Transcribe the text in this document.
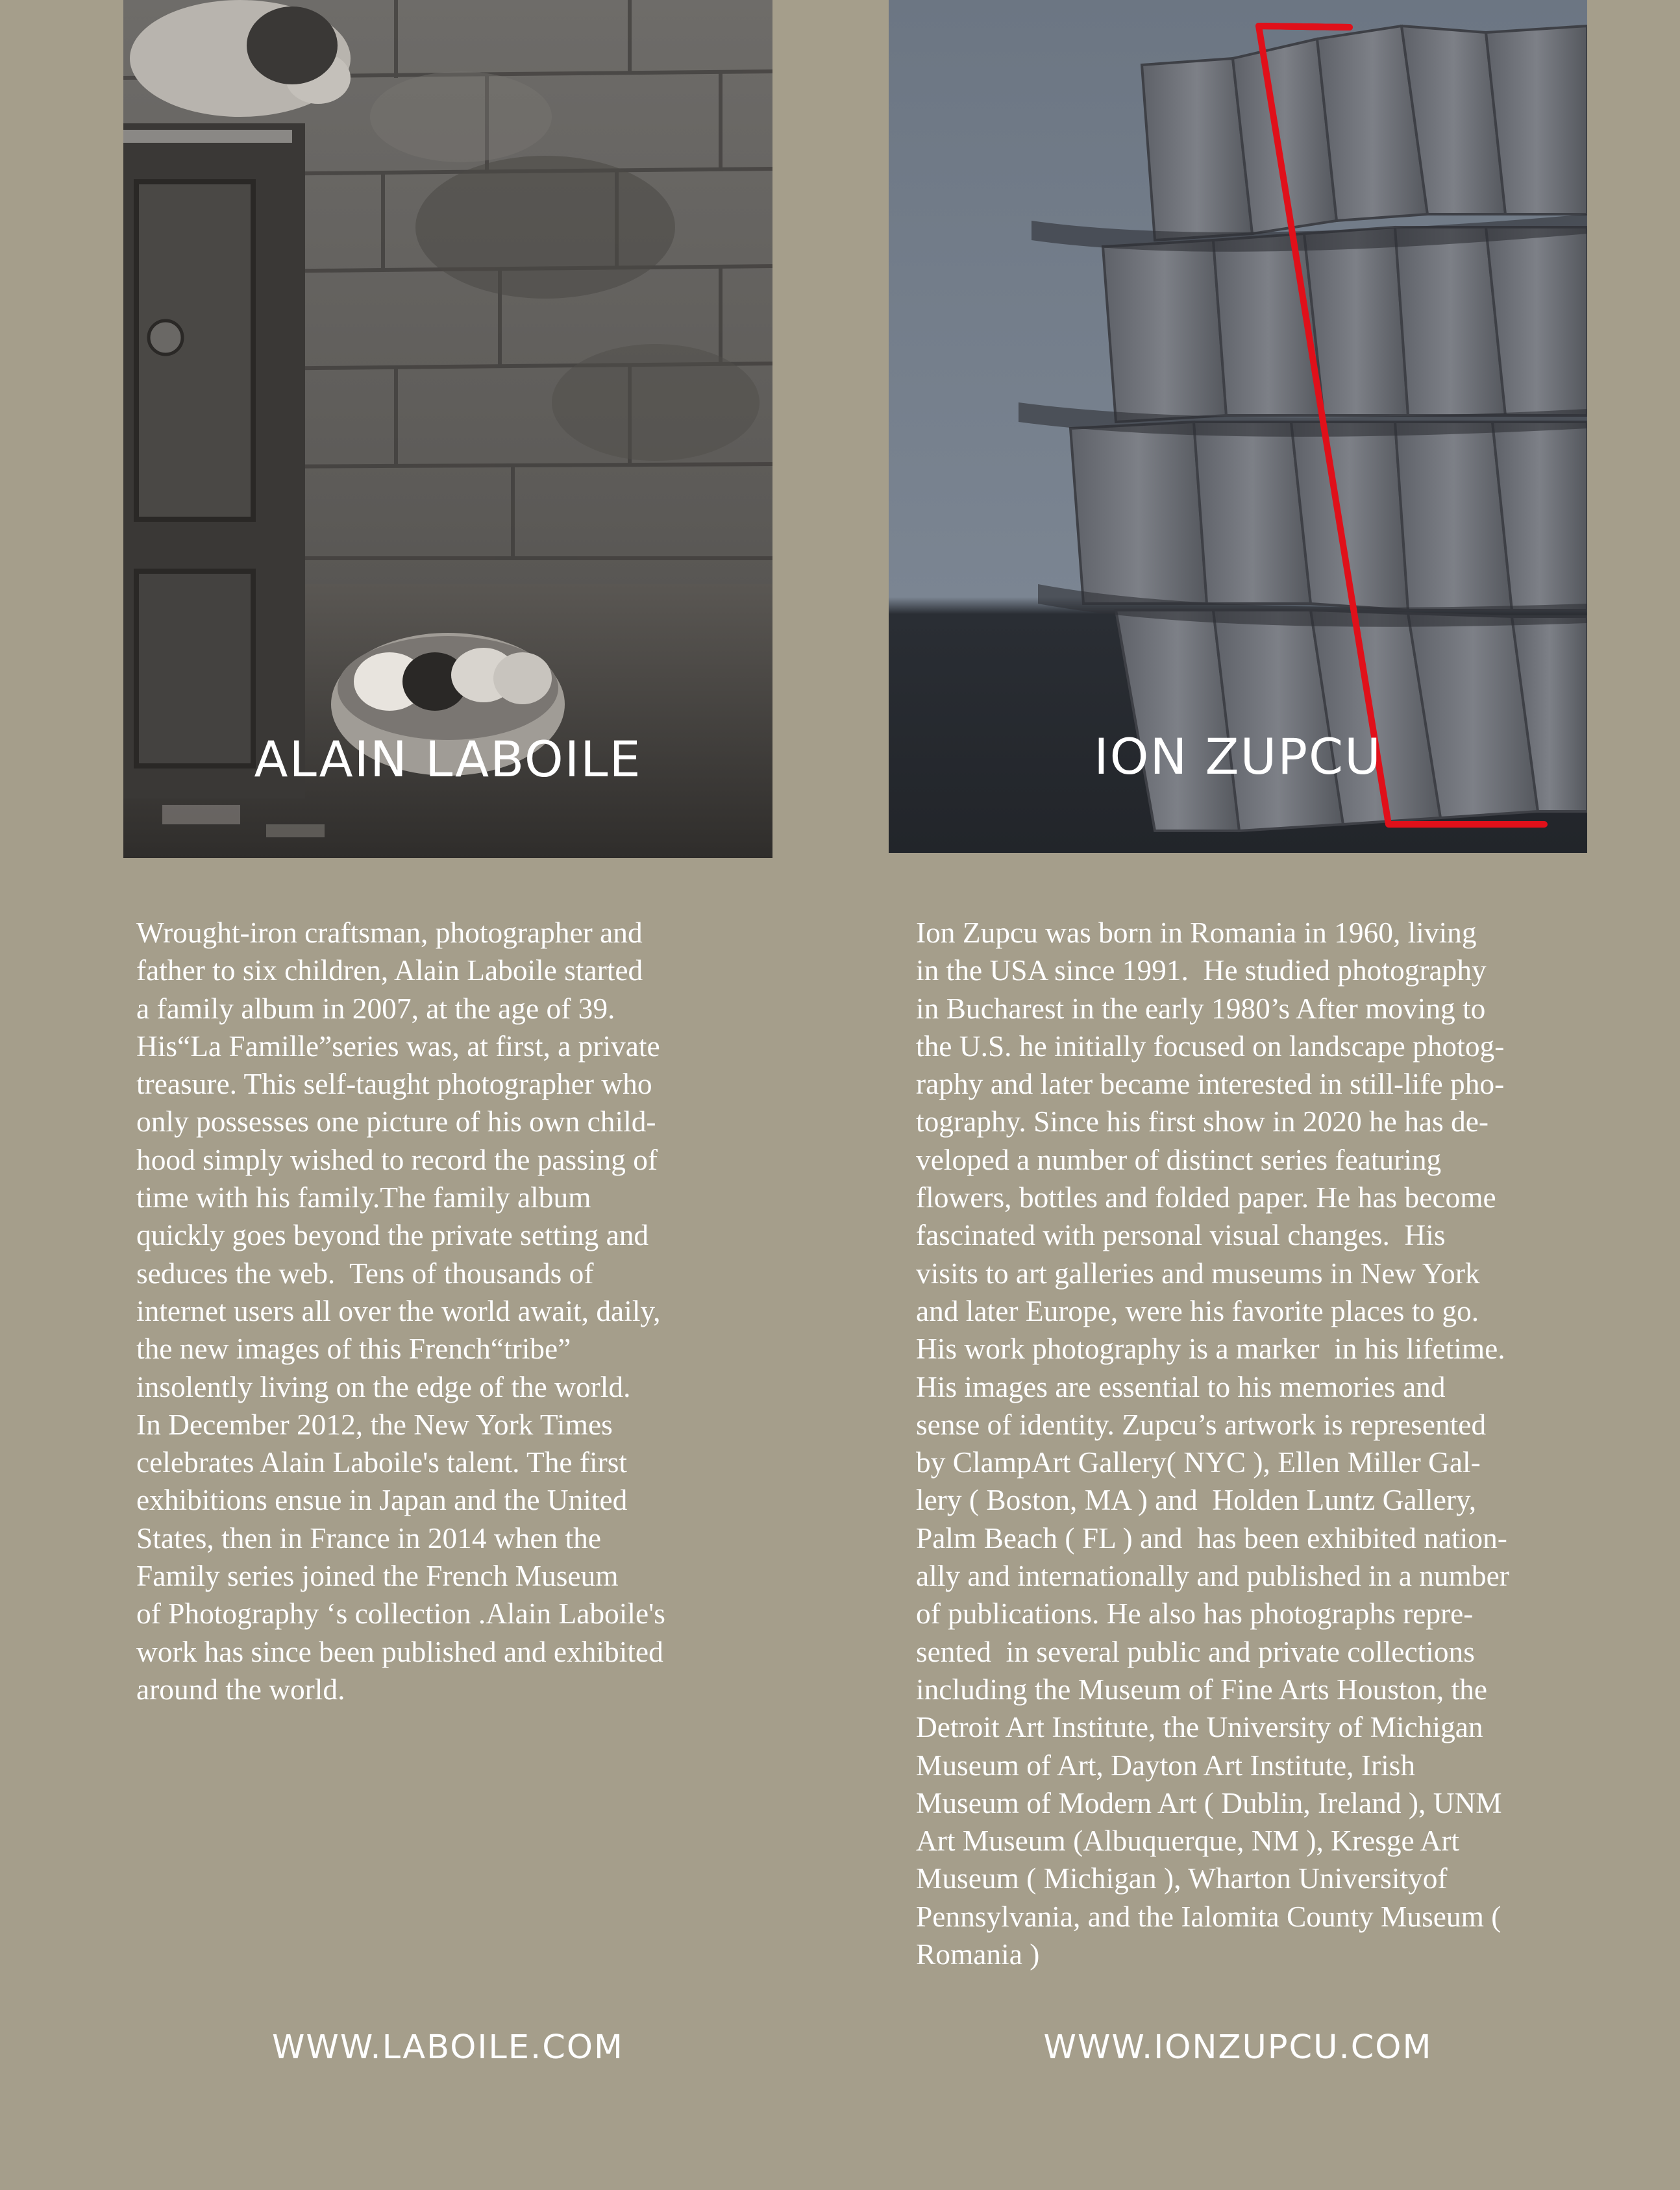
ALAIN LABOILE	ION ZUPCU
Wrought-iron craftsman, photographer and
father to six children, Alain Laboile started
a family album in 2007, at the age of 39.
His“La Famille”series was, at first, a private
treasure. This self-taught photographer who
only possesses one picture of his own child-
hood simply wished to record the passing of
time with his family.The family album
quickly goes beyond the private setting and
seduces the web.  Tens of thousands of
internet users all over the world await, daily,
the new images of this French“tribe”
insolently living on the edge of the world.
In December 2012, the New York Times
celebrates Alain Laboile's talent. The first
exhibitions ensue in Japan and the United
States, then in France in 2014 when the
Family series joined the French Museum
of Photography ‘s collection .Alain Laboile's
work has since been published and exhibited
around the world.
Ion Zupcu was born in Romania in 1960, living
in the USA since 1991.  He studied photography
in Bucharest in the early 1980’s After moving to
the U.S. he initially focused on landscape photog-
raphy and later became interested in still-life pho-
tography. Since his first show in 2020 he has de-
veloped a number of distinct series featuring
flowers, bottles and folded paper. He has become
fascinated with personal visual changes.  His
visits to art galleries and museums in New York
and later Europe, were his favorite places to go.
His work photography is a marker  in his lifetime.
His images are essential to his memories and
sense of identity. Zupcu’s artwork is represented
by ClampArt Gallery( NYC ), Ellen Miller Gal-
lery ( Boston, MA ) and  Holden Luntz Gallery,
Palm Beach ( FL ) and  has been exhibited nation-
ally and internationally and published in a number
of publications. He also has photographs repre-
sented  in several public and private collections
including the Museum of Fine Arts Houston, the
Detroit Art Institute, the University of Michigan
Museum of Art, Dayton Art Institute, Irish
Museum of Modern Art ( Dublin, Ireland ), UNM
Art Museum (Albuquerque, NM ), Kresge Art
Museum ( Michigan ), Wharton Universityof
Pennsylvania, and the Ialomita County Museum (
Romania )
WWW.LABOILE.COM	WWW.IONZUPCU.COM
